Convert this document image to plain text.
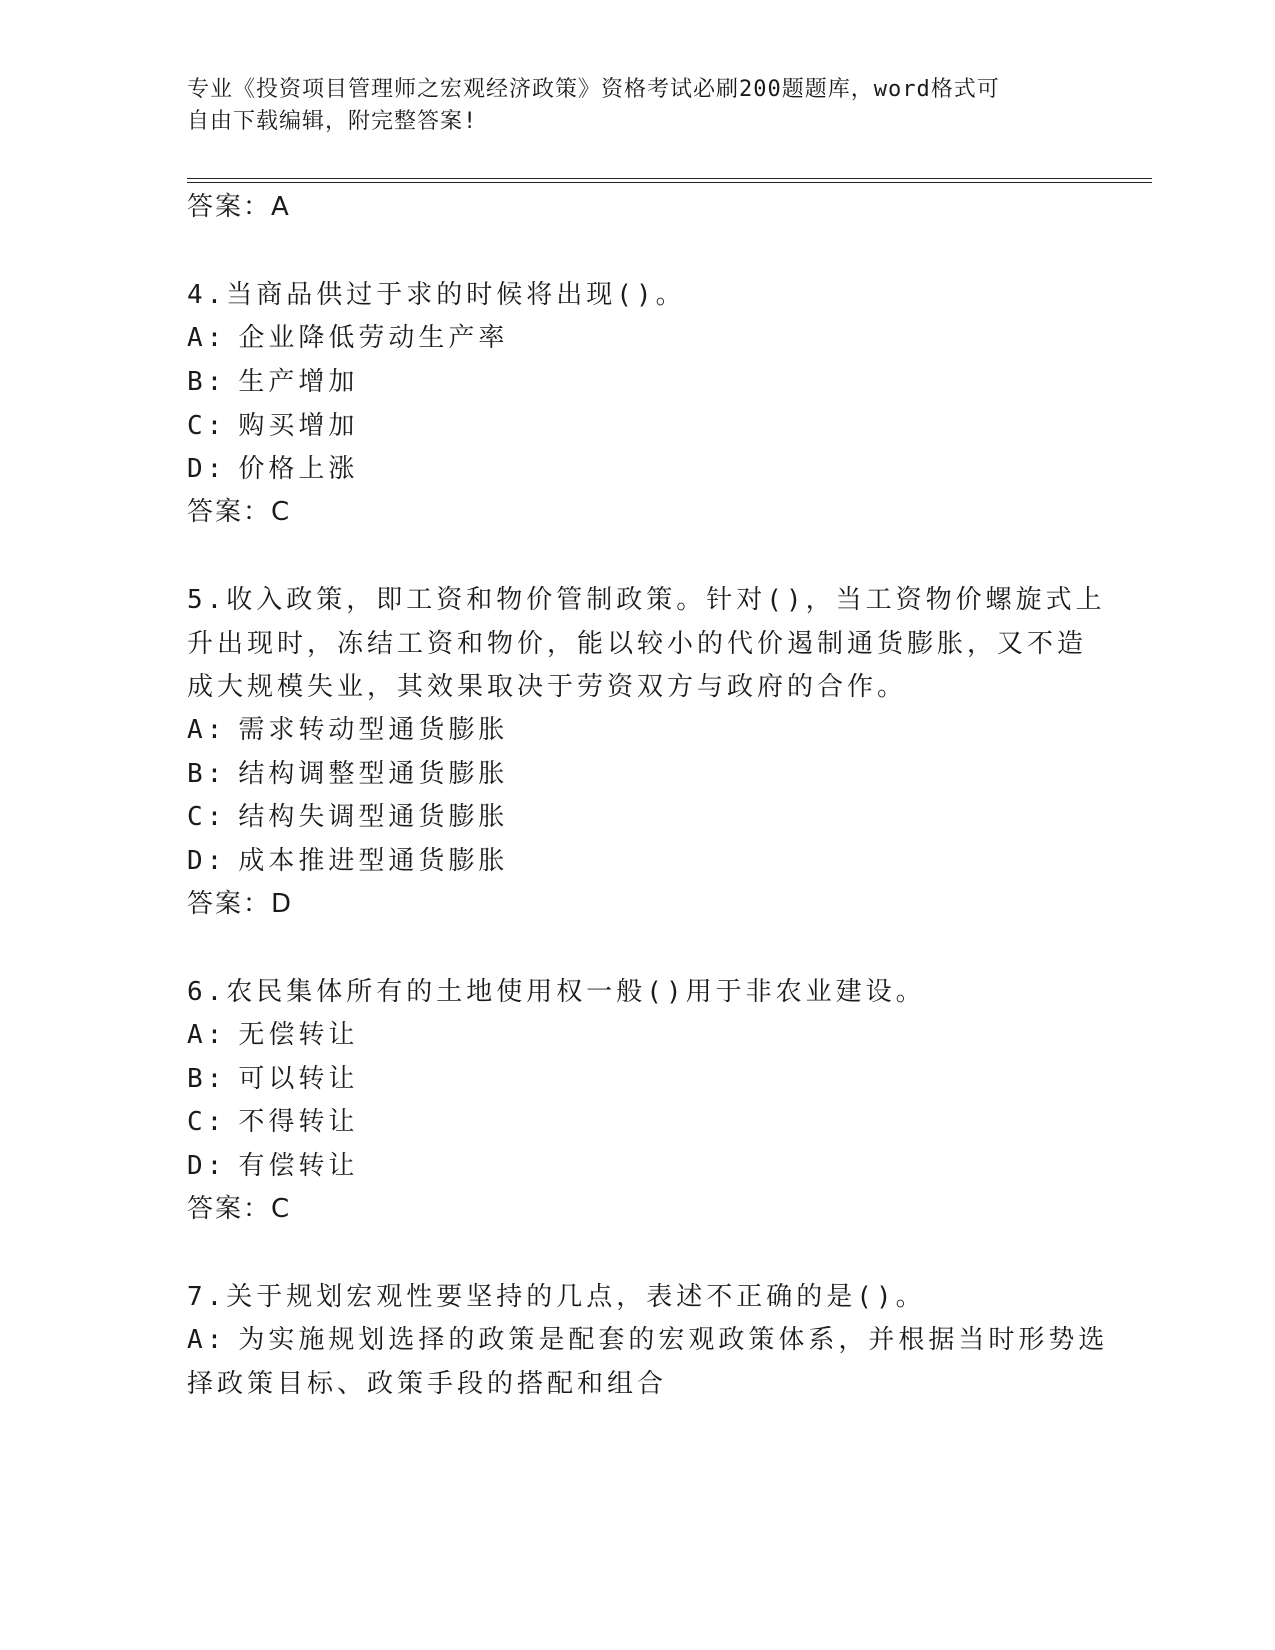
专业《投资项目管理师之宏观经济政策》资格考试必刷200题题库，word格式可
自由下载编辑，附完整答案!
答案：A
4.当商品供过于求的时候将出现()。
A: 企业降低劳动生产率
B: 生产增加
C: 购买增加
D: 价格上涨
答案：C
5.收入政策，即工资和物价管制政策。针对()，当工资物价螺旋式上
升出现时，冻结工资和物价，能以较小的代价遏制通货膨胀，又不造
成大规模失业，其效果取决于劳资双方与政府的合作。
A: 需求转动型通货膨胀
B: 结构调整型通货膨胀
C: 结构失调型通货膨胀
D: 成本推进型通货膨胀
答案：D
6.农民集体所有的土地使用权一般()用于非农业建设。
A: 无偿转让
B: 可以转让
C: 不得转让
D: 有偿转让
答案：C
7.关于规划宏观性要坚持的几点，表述不正确的是()。
A: 为实施规划选择的政策是配套的宏观政策体系，并根据当时形势选
择政策目标、政策手段的搭配和组合
